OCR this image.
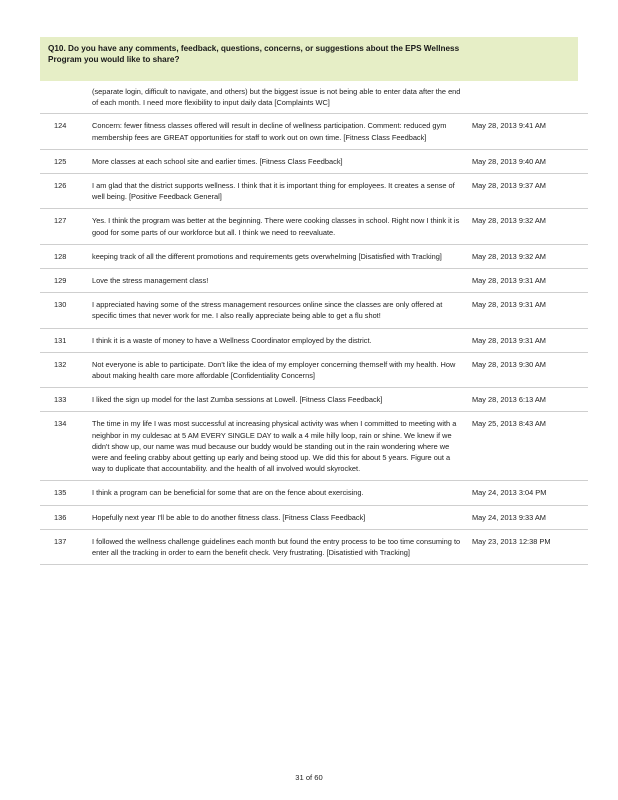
Q10. Do you have any comments, feedback, questions, concerns, or suggestions about the EPS Wellness
Program you would like to share?
	(separate login, difficult to navigate, and others) but the biggest issue is not being able to enter data after the end of each month. I need more flexibility to input daily data [Complaints WC]	
124	Concern: fewer fitness classes offered will result in decline of wellness participation. Comment: reduced gym membership fees are GREAT opportunities for staff to work out on own time. [Fitness Class Feedback]	May 28, 2013 9:41 AM
125	More classes at each school site and earlier times. [Fitness Class Feedback]	May 28, 2013 9:40 AM
126	I am glad that the district supports wellness. I think that it is important thing for employees. It creates a sense of well being. [Positive Feedback General]	May 28, 2013 9:37 AM
127	Yes. I think the program was better at the beginning. There were cooking classes in school. Right now I think it is good for some parts of our workforce but all. I think we need to reevaluate.	May 28, 2013 9:32 AM
128	keeping track of all the different promotions and requirements gets overwhelming [Disatisfied with Tracking]	May 28, 2013 9:32 AM
129	Love the stress management class!	May 28, 2013 9:31 AM
130	I appreciated having some of the stress management resources online since the classes are only offered at specific times that never work for me. I also really appreciate being able to get a flu shot!	May 28, 2013 9:31 AM
131	I think it is a waste of money to have a Wellness Coordinator employed by the district.	May 28, 2013 9:31 AM
132	Not everyone is able to participate. Don't like the idea of my employer concerning themself with my health. How about making health care more affordable [Confidentiality Concerns]	May 28, 2013 9:30 AM
133	I liked the sign up model for the last Zumba sessions at Lowell. [Fitness Class Feedback]	May 28, 2013 6:13 AM
134	The time in my life I was most successful at increasing physical activity was when I committed to meeting with a neighbor in my culdesac at 5 AM EVERY SINGLE DAY to walk a 4 mile hilly loop, rain or shine. We knew if we didn't show up, our name was mud because our buddy would be standing out in the rain wondering where we were and feeling crabby about getting up early and being stood up. We did this for about 5 years. Figure out a way to duplicate that accountability. and the health of all involved would skyrocket.	May 25, 2013 8:43 AM
135	I think a program can be beneficial for some that are on the fence about exercising.	May 24, 2013 3:04 PM
136	Hopefully next year I'll be able to do another fitness class. [Fitness Class Feedback]	May 24, 2013 9:33 AM
137	I followed the wellness challenge guidelines each month but found the entry process to be too time consuming to enter all the tracking in order to earn the benefit check. Very frustrating. [Disatistied with Tracking]	May 23, 2013 12:38 PM
31 of 60
